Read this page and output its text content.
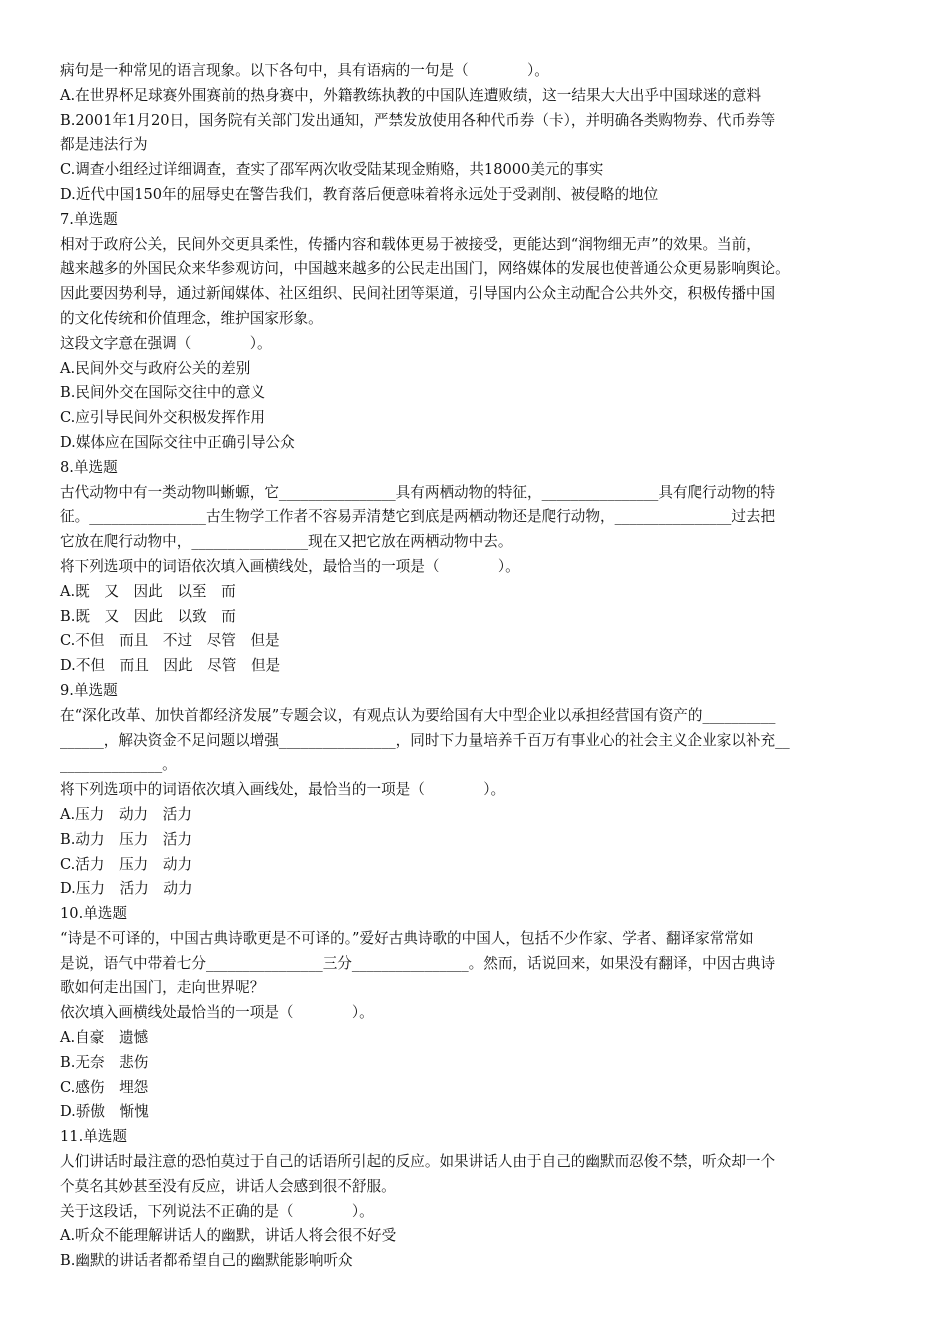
病句是一种常见的语言现象。以下各句中，具有语病的一句是（　　　　）。
A.在世界杯足球赛外围赛前的热身赛中，外籍教练执教的中国队连遭败绩，这一结果大大出乎中国球迷的意料
B.2001年1月20日，国务院有关部门发出通知，严禁发放使用各种代币券（卡），并明确各类购物券、代币券等
都是违法行为
C.调查小组经过详细调查，查实了邵军两次收受陆某现金贿赂，共18000美元的事实
D.近代中国150年的屈辱史在警告我们，教育落后便意味着将永远处于受剥削、被侵略的地位
7.单选题
相对于政府公关，民间外交更具柔性，传播内容和载体更易于被接受，更能达到“润物细无声”的效果。当前，
越来越多的外国民众来华参观访问，中国越来越多的公民走出国门，网络媒体的发展也使普通公众更易影响舆论。
因此要因势利导，通过新闻媒体、社区组织、民间社团等渠道，引导国内公众主动配合公共外交，积极传播中国
的文化传统和价值理念，维护国家形象。
这段文字意在强调（　　　　）。
A.民间外交与政府公关的差别
B.民间外交在国际交往中的意义
C.应引导民间外交积极发挥作用
D.媒体应在国际交往中正确引导公众
8.单选题
古代动物中有一类动物叫蜥螈，它________________具有两栖动物的特征，________________具有爬行动物的特
征。________________古生物学工作者不容易弄清楚它到底是两栖动物还是爬行动物，________________过去把
它放在爬行动物中，________________现在又把它放在两栖动物中去。
将下列选项中的词语依次填入画横线处，最恰当的一项是（　　　　）。
A.既　又　因此　以至　而
B.既　又　因此　以致　而
C.不但　而且　不过　尽管　但是
D.不但　而且　因此　尽管　但是
9.单选题
在“深化改革、加快首都经济发展”专题会议，有观点认为要给国有大中型企业以承担经营国有资产的__________
______，解决资金不足问题以增强________________，同时下力量培养千百万有事业心的社会主义企业家以补充__
______________。
将下列选项中的词语依次填入画线处，最恰当的一项是（　　　　）。
A.压力　动力　活力
B.动力　压力　活力
C.活力　压力　动力
D.压力　活力　动力
10.单选题
“诗是不可译的，中国古典诗歌更是不可译的。”爱好古典诗歌的中国人，包括不少作家、学者、翻译家常常如
是说，语气中带着七分________________三分________________。然而，话说回来，如果没有翻译，中因古典诗
歌如何走出国门，走向世界呢？
依次填入画横线处最恰当的一项是（　　　　）。
A.自豪　遗憾
B.无奈　悲伤
C.感伤　埋怨
D.骄傲　惭愧
11.单选题
人们讲话时最注意的恐怕莫过于自己的话语所引起的反应。如果讲话人由于自己的幽默而忍俊不禁，听众却一个
个莫名其妙甚至没有反应，讲话人会感到很不舒服。
关于这段话，下列说法不正确的是（　　　　）。
A.听众不能理解讲话人的幽默，讲话人将会很不好受
B.幽默的讲话者都希望自己的幽默能影响听众
